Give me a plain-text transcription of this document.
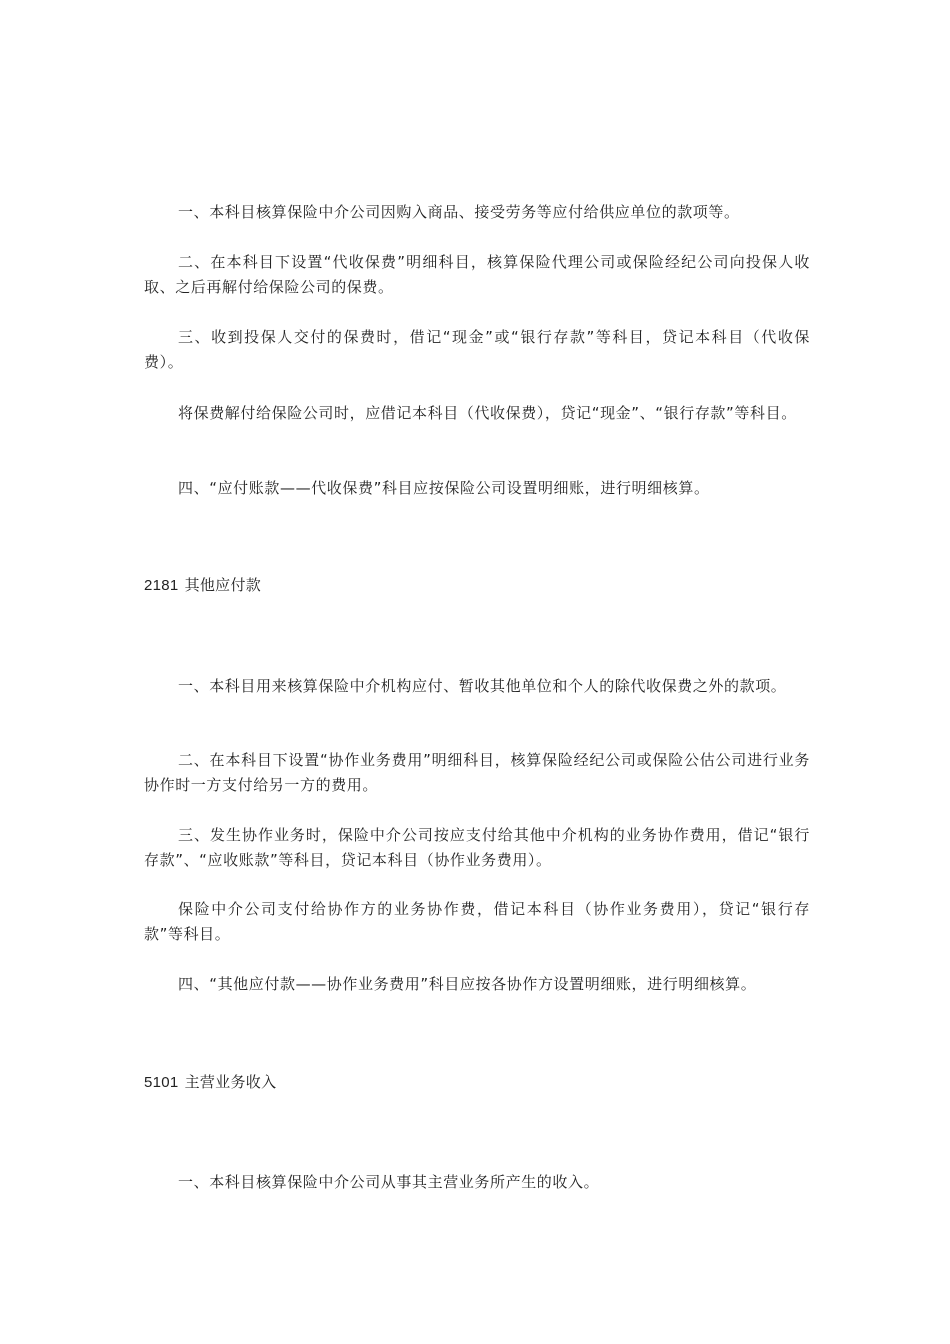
一、本科目核算保险中介公司因购入商品、接受劳务等应付给供应单位的款项等。

二、在本科目下设置“代收保费”明细科目，核算保险代理公司或保险经纪公司向投保人收取、之后再解付给保险公司的保费。

三、收到投保人交付的保费时，借记“现金”或“银行存款”等科目，贷记本科目（代收保费）。

将保费解付给保险公司时，应借记本科目（代收保费），贷记“现金”、“银行存款”等科目。

四、“应付账款——代收保费”科目应按保险公司设置明细账，进行明细核算。

2181 其他应付款

一、本科目用来核算保险中介机构应付、暂收其他单位和个人的除代收保费之外的款项。

二、在本科目下设置“协作业务费用”明细科目，核算保险经纪公司或保险公估公司进行业务协作时一方支付给另一方的费用。

三、发生协作业务时，保险中介公司按应支付给其他中介机构的业务协作费用，借记“银行存款”、“应收账款”等科目，贷记本科目（协作业务费用）。

保险中介公司支付给协作方的业务协作费，借记本科目（协作业务费用），贷记“银行存款”等科目。

四、“其他应付款——协作业务费用”科目应按各协作方设置明细账，进行明细核算。

5101 主营业务收入

一、本科目核算保险中介公司从事其主营业务所产生的收入。
